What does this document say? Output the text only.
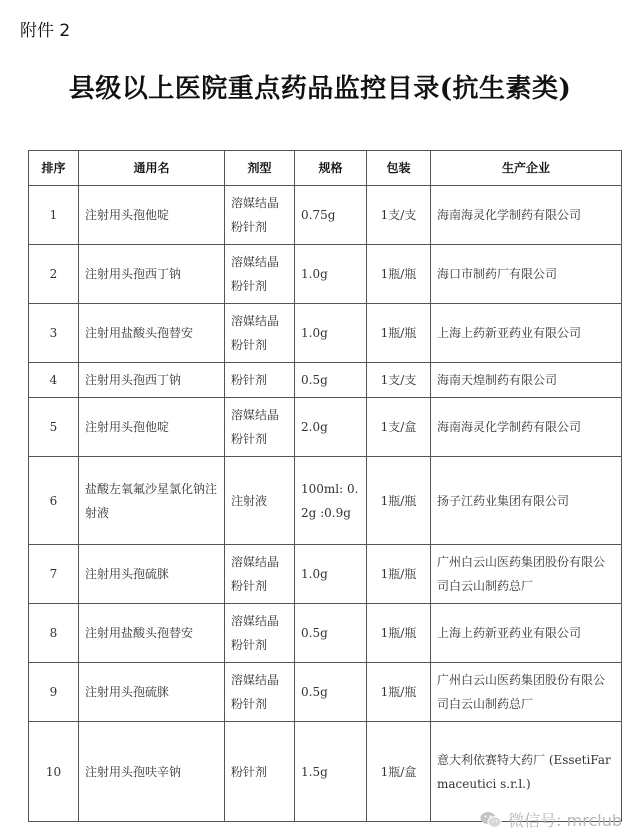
附件 2
县级以上医院重点药品监控目录(抗生素类)
排序	通用名	剂型	规格	包装	生产企业
1	注射用头孢他啶	溶媒结晶粉针剂	0.75g	1支/支	海南海灵化学制药有限公司
2	注射用头孢西丁钠	溶媒结晶粉针剂	1.0g	1瓶/瓶	海口市制药厂有限公司
3	注射用盐酸头孢替安	溶媒结晶粉针剂	1.0g	1瓶/瓶	上海上药新亚药业有限公司
4	注射用头孢西丁钠	粉针剂	0.5g	1支/支	海南天煌制药有限公司
5	注射用头孢他啶	溶媒结晶粉针剂	2.0g	1支/盒	海南海灵化学制药有限公司
6	盐酸左氧氟沙星氯化钠注射液	注射液	100ml: 0.2g :0.9g	1瓶/瓶	扬子江药业集团有限公司
7	注射用头孢硫脒	溶媒结晶粉针剂	1.0g	1瓶/瓶	广州白云山医药集团股份有限公司白云山制药总厂
8	注射用盐酸头孢替安	溶媒结晶粉针剂	0.5g	1瓶/瓶	上海上药新亚药业有限公司
9	注射用头孢硫脒	溶媒结晶粉针剂	0.5g	1瓶/瓶	广州白云山医药集团股份有限公司白云山制药总厂
10	注射用头孢呋辛钠	粉针剂	1.5g	1瓶/盒	意大利依赛特大药厂 (EssetiFarmaceutici s.r.l.)
微信号: mrclub
